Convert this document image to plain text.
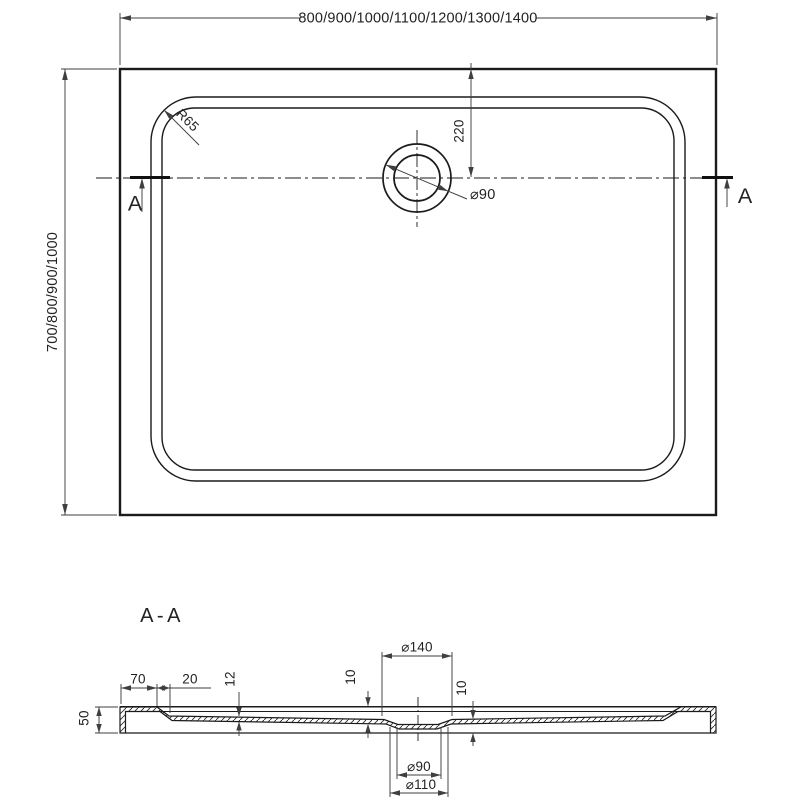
800/900/1000/1100/1200/1300/1400
700/800/900/1000
220
⌀90
R65
A	A
A-A
70	20 12	10
10
50
⌀140
⌀90
⌀110
